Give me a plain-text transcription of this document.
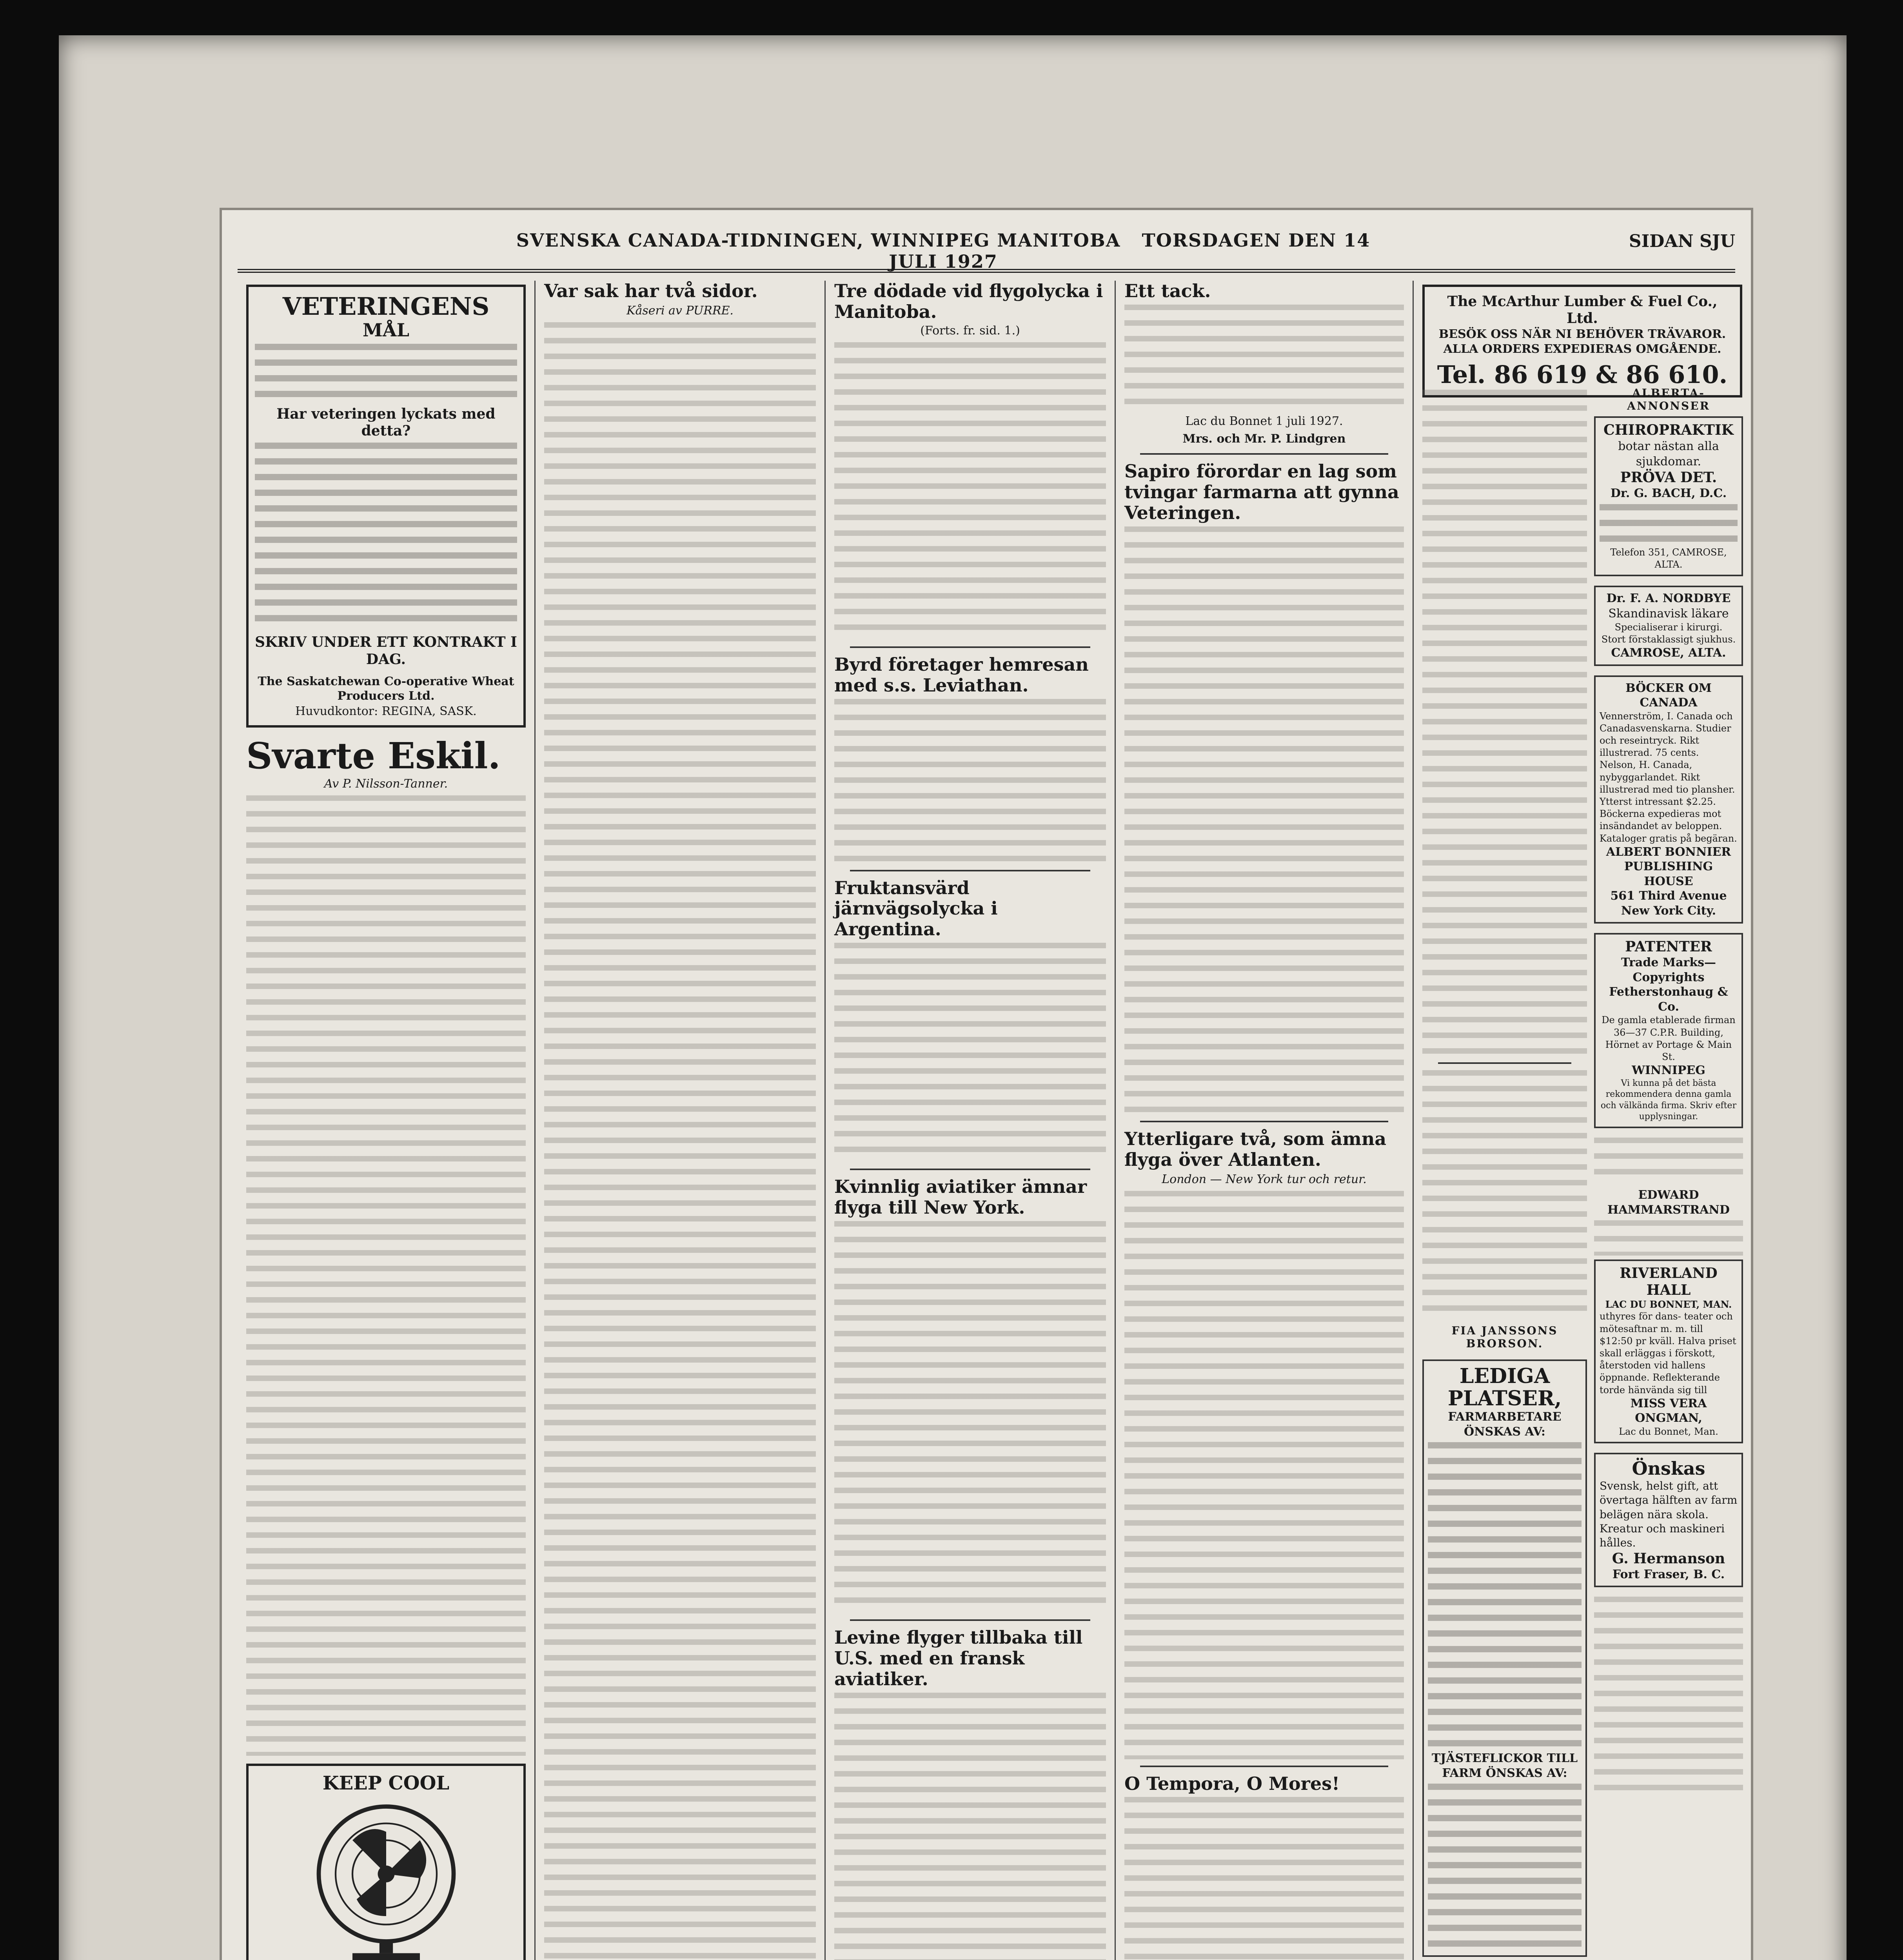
SVENSKA CANADA-TIDNINGEN, WINNIPEG MANITOBA TORSDAGEN DEN 14 JULI 1927
SIDAN SJU
VETERINGENS
MÅL
Har veteringen lyckats med detta?
SKRIV UNDER ETT KONTRAKT I DAG.
The Saskatchewan Co-operative Wheat Producers Ltd.
Huvudkontor: REGINA, SASK.
Svarte Eskil.
Av P. Nilsson-Tanner.
KEEP COOL
Var sak har två sidor.
Kåseri av PURRE.
Tre dödade vid flygolycka i Manitoba.
(Forts. fr. sid. 1.)
Byrd företager hemresan med s.s. Leviathan.
Fruktansvärd järnvägsolycka i Argentina.
Kvinnlig aviatiker ämnar flyga till New York.
Levine flyger tillbaka till U.S. med en fransk aviatiker.
Ett tack.
Lac du Bonnet 1 juli 1927.
Mrs. och Mr. P. Lindgren
Sapiro förordar en lag som tvingar farmarna att gynna Veteringen.
Ytterligare två, som ämna flyga över Atlanten.
London — New York tur och retur.
O Tempora, O Mores!
The McArthur Lumber & Fuel Co., Ltd.
BESÖK OSS NÄR NI BEHÖVER TRÄVAROR.
ALLA ORDERS EXPEDIERAS OMGÅENDE.
Tel. 86 619 & 86 610.
FIA JANSSONS BRORSON.
LEDIGA PLATSER,
FARMARBETARE ÖNSKAS AV:
TJÄSTEFLICKOR TILL FARM ÖNSKAS AV:
ALBERTA-ANNONSER
CHIROPRAKTIK
botar nästan alla sjukdomar.
PRÖVA DET.
Dr. G. BACH, D.C.
Telefon 351, CAMROSE, ALTA.
Dr. F. A. NORDBYE
Skandinavisk läkare
Specialiserar i kirurgi.
Stort förstaklassigt sjukhus.
CAMROSE, ALTA.
BÖCKER OM CANADA
Vennerström, I. Canada och Canadasvenskarna. Studier och reseintryck. Rikt illustrerad. 75 cents. Nelson, H. Canada, nybyggarlandet. Rikt illustrerad med tio plansher. Ytterst intressant $2.25. Böckerna expedieras mot insändandet av beloppen. Kataloger gratis på begäran.
ALBERT BONNIER PUBLISHING HOUSE
561 Third Avenue
New York City.
PATENTER
Trade Marks—Copyrights
Fetherstonhaug & Co.
De gamla etablerade firman
36—37 C.P.R. Building,
Hörnet av Portage & Main St.
WINNIPEG
Vi kunna på det bästa rekommendera denna gamla och välkända firma. Skriv efter upplysningar.
EDWARD HAMMARSTRAND
RIVERLAND HALL
LAC DU BONNET, MAN.
uthyres för dans- teater och mötesaftnar m. m. till $12:50 pr kväll. Halva priset skall erläggas i förskott, återstoden vid hallens öppnande. Reflekterande torde hänvända sig till
MISS VERA ONGMAN,
Lac du Bonnet, Man.
Önskas
Svensk, helst gift, att övertaga hälften av farm belägen nära skola. Kreatur och maskineri hålles.
G. Hermanson
Fort Fraser, B. C.
